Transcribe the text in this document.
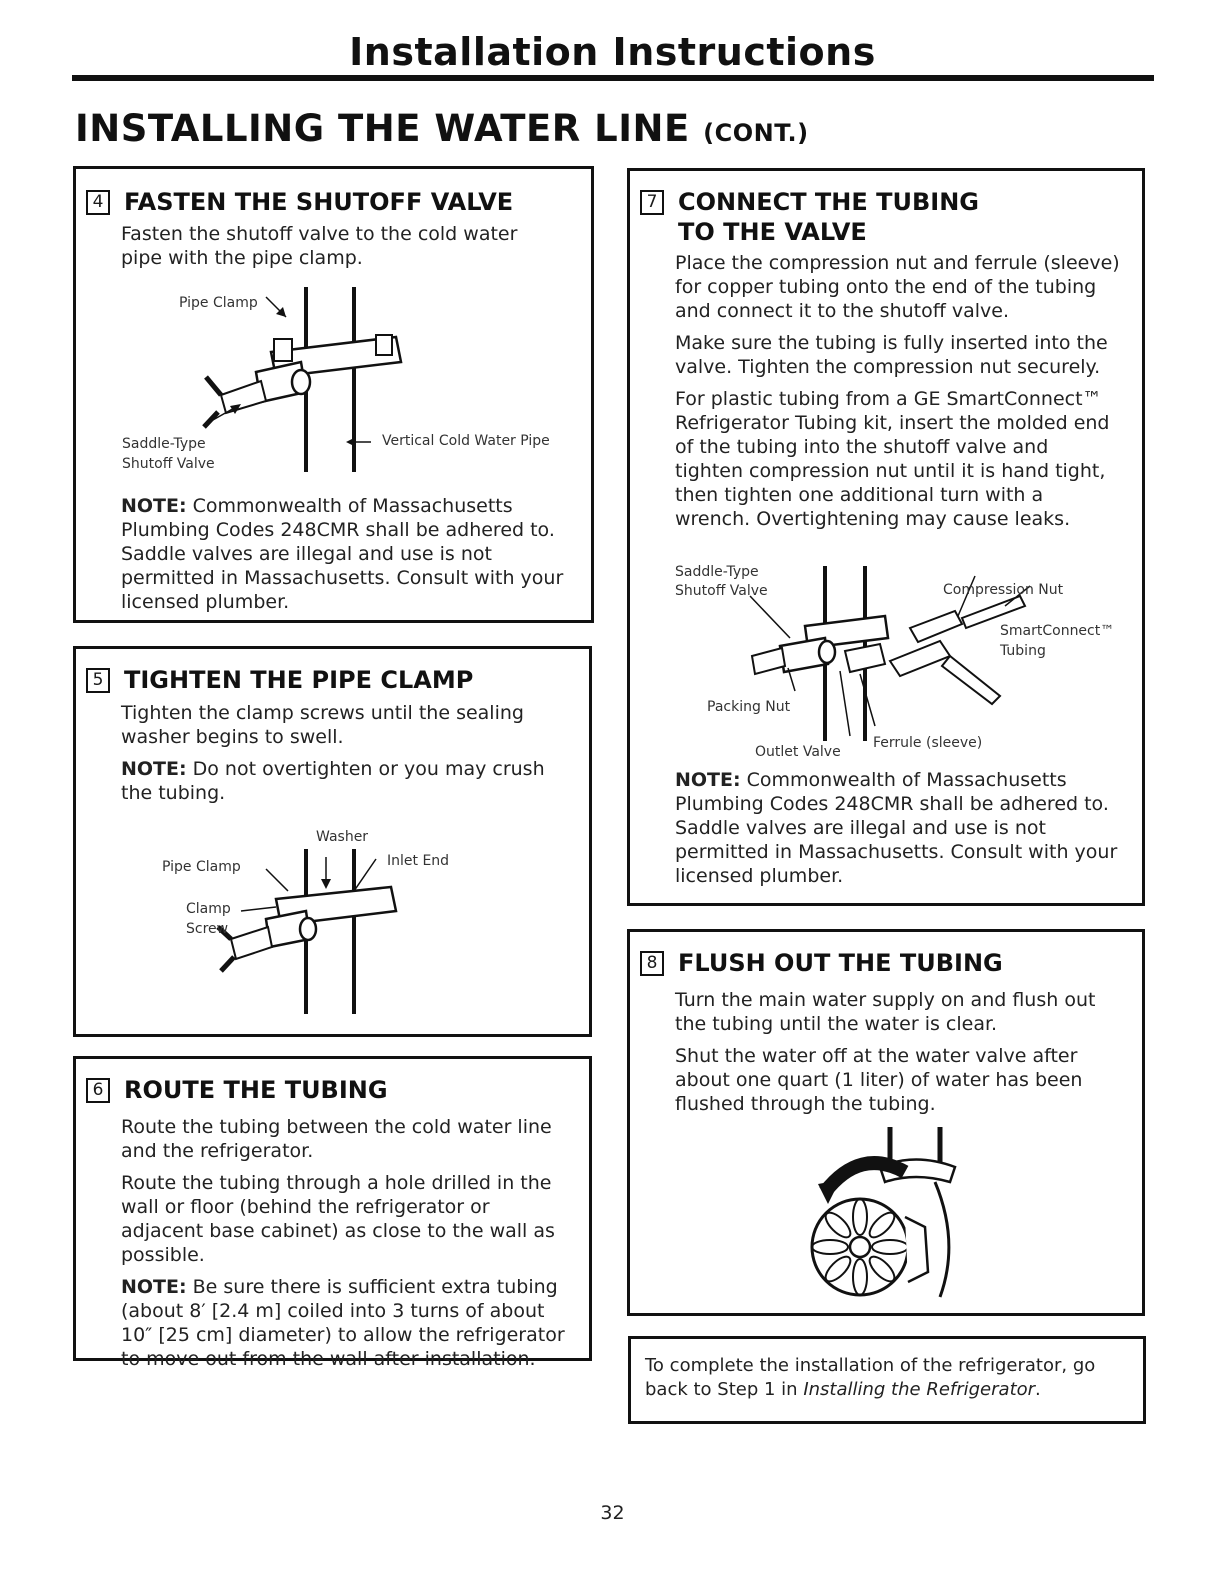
Installation Instructions
INSTALLING THE WATER LINE (CONT.)
4 FASTEN THE SHUTOFF VALVE
Fasten the shutoff valve to the cold water pipe with the pipe clamp.
Pipe Clamp
Saddle-Type
Shutoff Valve
Vertical Cold Water Pipe
NOTE: Commonwealth of Massachusetts Plumbing Codes 248CMR shall be adhered to. Saddle valves are illegal and use is not permitted in Massachusetts. Consult with your licensed plumber.
5 TIGHTEN THE PIPE CLAMP

Tighten the clamp screws until the sealing washer begins to swell.

NOTE: Do not overtighten or you may crush the tubing.

Washer
Pipe Clamp	Inlet End
Clamp
Screw
6 ROUTE THE TUBING

Route the tubing between the cold water line and the refrigerator.

Route the tubing through a hole drilled in the wall or floor (behind the refrigerator or adjacent base cabinet) as close to the wall as possible.

NOTE: Be sure there is sufficient extra tubing (about 8′ [2.4 m] coiled into 3 turns of about 10″ [25 cm] diameter) to allow the refrigerator to move out from the wall after installation.

7 CONNECT THE TUBING
TO THE VALVE

Place the compression nut and ferrule (sleeve) for copper tubing onto the end of the tubing and connect it to the shutoff valve.

Make sure the tubing is fully inserted into the valve. Tighten the compression nut securely.

For plastic tubing from a GE SmartConnect™ Refrigerator Tubing kit, insert the molded end of the tubing into the shutoff valve and tighten compression nut until it is hand tight, then tighten one additional turn with a wrench. Overtightening may cause leaks.

Saddle-Type
Shutoff Valve	Compression Nut
SmartConnect™
Tubing
Packing Nut
Outlet Valve
Ferrule (sleeve)
NOTE: Commonwealth of Massachusetts Plumbing Codes 248CMR shall be adhered to. Saddle valves are illegal and use is not permitted in Massachusetts. Consult with your licensed plumber.
8 FLUSH OUT THE TUBING

Turn the main water supply on and flush out the tubing until the water is clear.

Shut the water off at the water valve after about one quart (1 liter) of water has been flushed through the tubing.

To complete the installation of the refrigerator, go back to Step 1 in Installing the Refrigerator.
32
